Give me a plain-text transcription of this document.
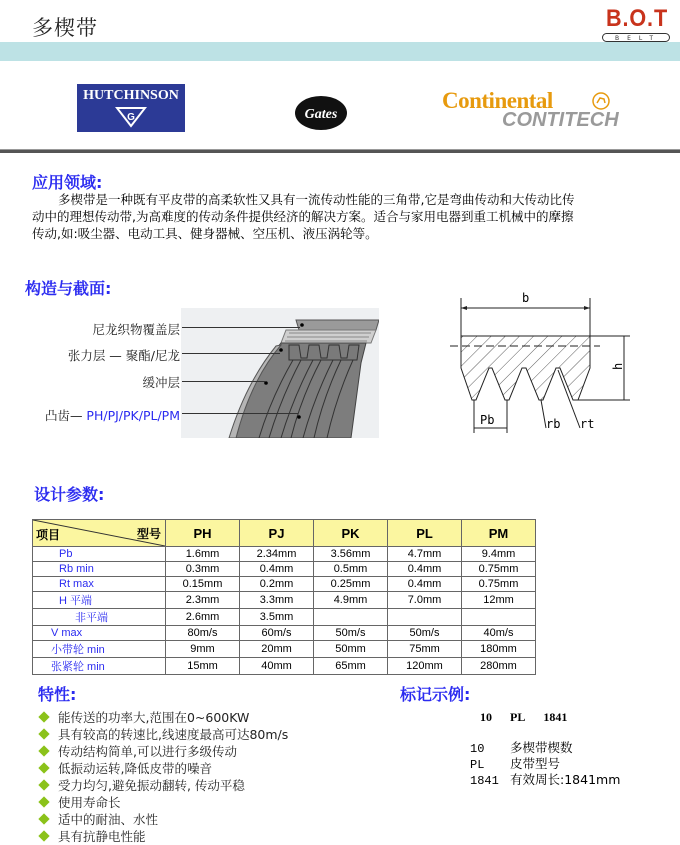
多楔带	B.O.T
BELT
HUTCHINSON
G	Gates
Continental
CONTITECH
应用领域:

多楔带是一种既有平皮带的高柔软性又具有一流传动性能的三角带,它是弯曲传动和大传动比传

动中的理想传动带,为高难度的传动条件提供经济的解决方案。适合与家用电器到重工机械中的摩擦

传动,如:吸尘器、电动工具、健身器械、空压机、液压涡轮等。

构造与截面:
尼龙织物覆盖层
张力层 — 聚酯/尼龙
缓冲层
凸齿— PH/PJ/PK/PL/PM
b
h
Pb	rb rt
设计参数:
项目 型号	PH	PJ	PK	PL	PM
Pb	1.6mm	2.34mm	3.56mm	4.7mm	9.4mm
Rb min	0.3mm	0.4mm	0.5mm	0.4mm	0.75mm
Rt max	0.15mm	0.2mm	0.25mm	0.4mm	0.75mm
H 平端	2.3mm	3.3mm	4.9mm	7.0mm	12mm
非平端	2.6mm	3.5mm			
V max	80m/s	60m/s	50m/s	50m/s	40m/s
小带轮 min	9mm	20mm	50mm	75mm	180mm
张紧轮 min	15mm	40mm	65mm	120mm	280mm
特性:
能传送的功率大,范围在0~600KW
具有较高的转速比,线速度最高可达80m/s
传动结构简单,可以进行多级传动
低振动运转,降低皮带的噪音
受力均匀,避免振动翻转, 传动平稳
使用寿命长
适中的耐油、水性
具有抗静电性能
标记示例:
10 PL 1841
10 多楔带楔数
PL 皮带型号
1841 有效周长:1841mm
